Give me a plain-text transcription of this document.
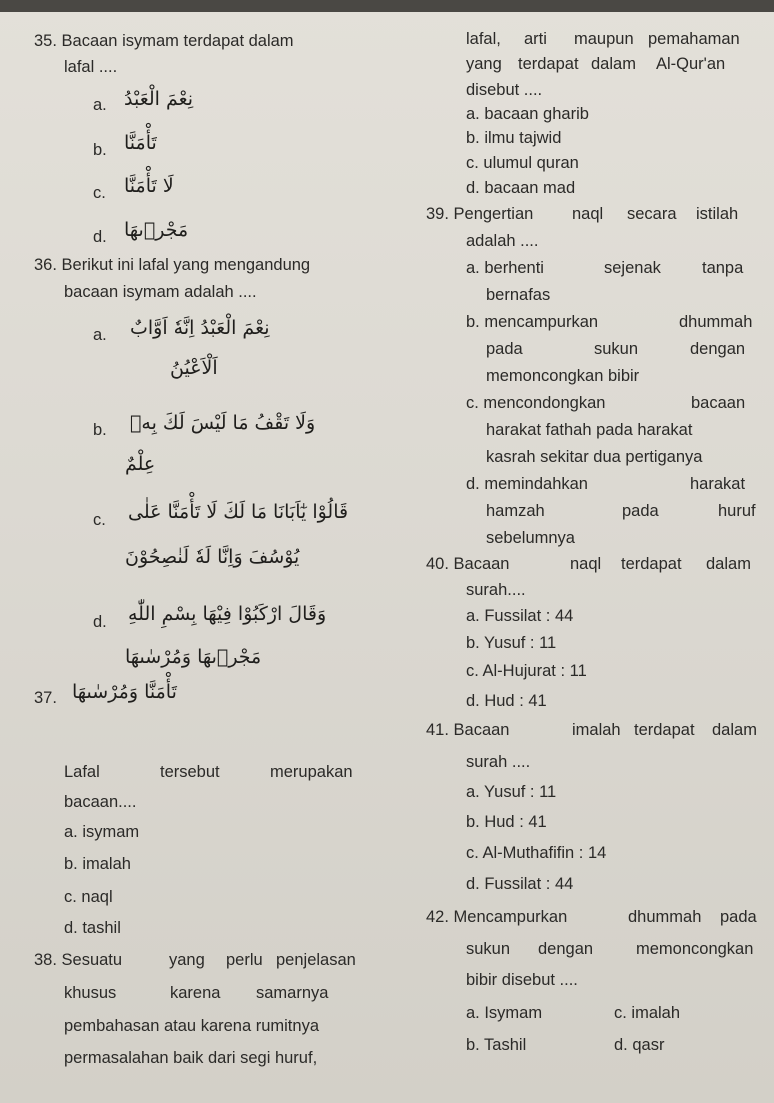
35. Bacaan isymam terdapat dalam
lafal ....
a. نِعْمَ الْعَبْدُ
b. تَأْمَنَّا
c. لَا تَأْمَنَّا
d. مَجْرٖىهَا
36. Berikut ini lafal yang mengandung
bacaan isymam adalah ....
a. نِعْمَ الْعَبْدُ اِنَّهٗ اَوَّابٌ
اَلْاَعْيُنُ
b. وَلَا تَقْفُ مَا لَيْسَ لَكَ بِهٖ
عِلْمٌ
c. قَالُوْا يٰٓاَبَانَا مَا لَكَ لَا تَأْمَنَّا عَلٰى
يُوْسُفَ وَاِنَّا لَهٗ لَنٰصِحُوْنَ
d. وَقَالَ ارْكَبُوْا فِيْهَا بِسْمِ اللّٰهِ
مَجْرٖىهَا وَمُرْسٰىهَا
37. تَأْمَنَّا وَمُرْسٰىهَا
Lafal	tersebut	merupakan
bacaan....
a. isymam
b. imalah
c. naql
d. tashil
38. Sesuatu	yang perlu penjelasan
khusus	karena samarnya
pembahasan atau karena rumitnya
permasalahan baik dari segi huruf,
lafal, arti maupun pemahaman
yang terdapat dalam Al-Qur'an
disebut ....
a. bacaan gharib
b. ilmu tajwid
c. ulumul quran
d. bacaan mad
39. Pengertian naql secara istilah
adalah ....
a. berhenti	sejenak tanpa
bernafas
b. mencampurkan	dhummah
pada	sukun	dengan
memoncongkan bibir
c. mencondongkan	bacaan
harakat fathah pada harakat
kasrah sekitar dua pertiganya
d. memindahkan	harakat
hamzah	pada	huruf
sebelumnya
40. Bacaan	naql terdapat dalam
surah....
a. Fussilat : 44
b. Yusuf : 11
c. Al-Hujurat : 11
d. Hud : 41
41. Bacaan	imalah terdapat dalam
surah ....
a. Yusuf : 11
b. Hud : 41
c. Al-Muthafifin : 14
d. Fussilat : 44
42. Mencampurkan	dhummah pada
sukun dengan	memoncongkan
bibir disebut ....
a. Isymam	c. imalah
b. Tashil	d. qasr
